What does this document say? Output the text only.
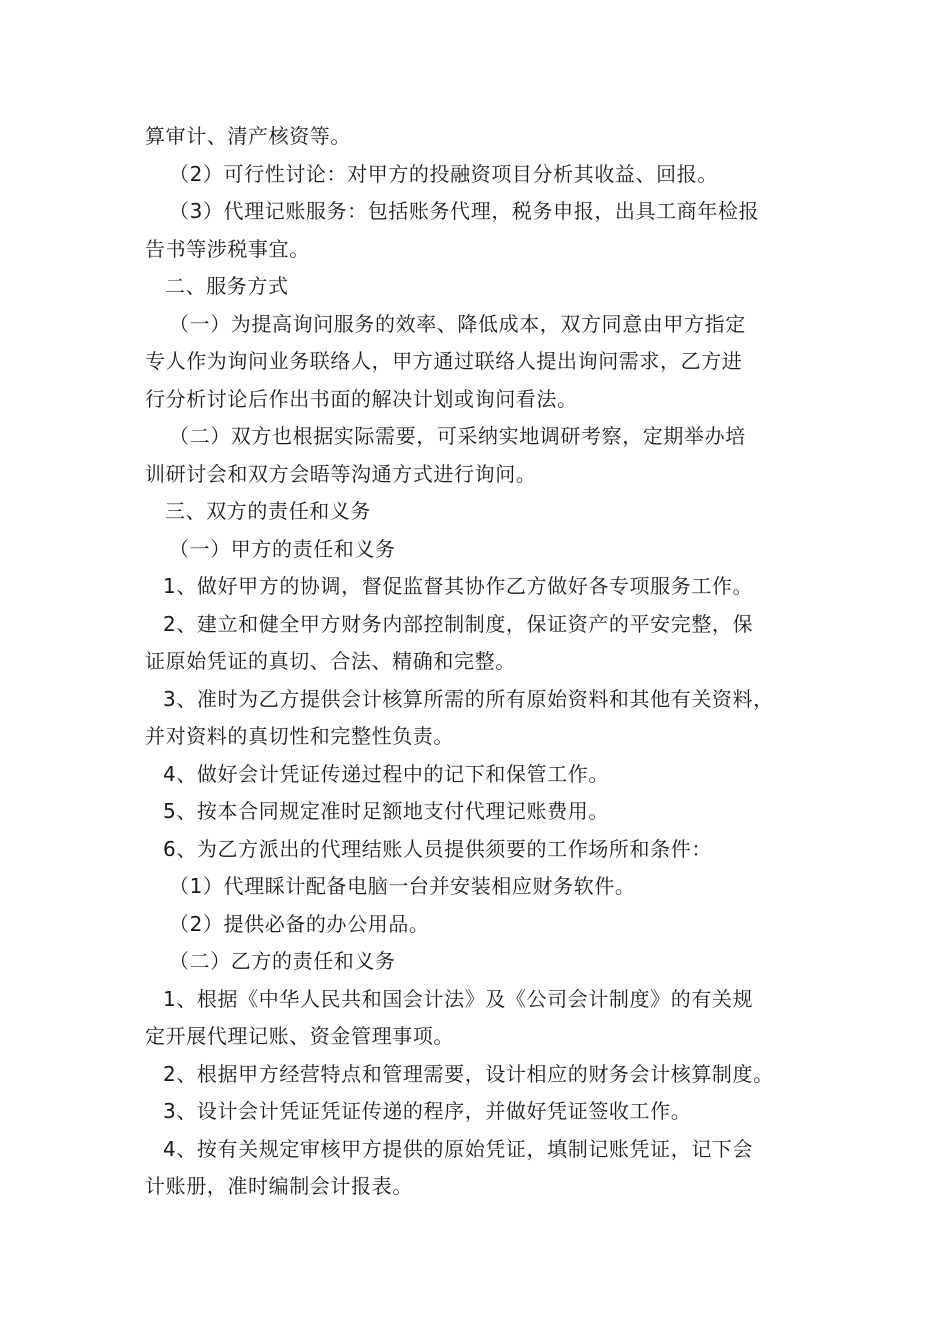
算审计、清产核资等。
（2）可行性讨论：对甲方的投融资项目分析其收益、回报。
（3）代理记账服务：包括账务代理，税务申报，出具工商年检报
告书等涉税事宜。
二、服务方式
（一）为提高询问服务的效率、降低成本，双方同意由甲方指定
专人作为询问业务联络人，甲方通过联络人提出询问需求，乙方进
行分析讨论后作出书面的解决计划或询问看法。
（二）双方也根据实际需要，可采纳实地调研考察，定期举办培
训研讨会和双方会晤等沟通方式进行询问。
三、双方的责任和义务
（一）甲方的责任和义务
1、做好甲方的协调，督促监督其协作乙方做好各专项服务工作。
2、建立和健全甲方财务内部控制制度，保证资产的平安完整，保
证原始凭证的真切、合法、精确和完整。
3、准时为乙方提供会计核算所需的所有原始资料和其他有关资料，
并对资料的真切性和完整性负责。
4、做好会计凭证传递过程中的记下和保管工作。
5、按本合同规定准时足额地支付代理记账费用。
6、为乙方派出的代理结账人员提供须要的工作场所和条件：
（1）代理睬计配备电脑一台并安装相应财务软件。
（2）提供必备的办公用品。
（二）乙方的责任和义务
1、根据《中华人民共和国会计法》及《公司会计制度》的有关规
定开展代理记账、资金管理事项。
2、根据甲方经营特点和管理需要，设计相应的财务会计核算制度。
3、设计会计凭证凭证传递的程序，并做好凭证签收工作。
4、按有关规定审核甲方提供的原始凭证，填制记账凭证，记下会
计账册，准时编制会计报表。
